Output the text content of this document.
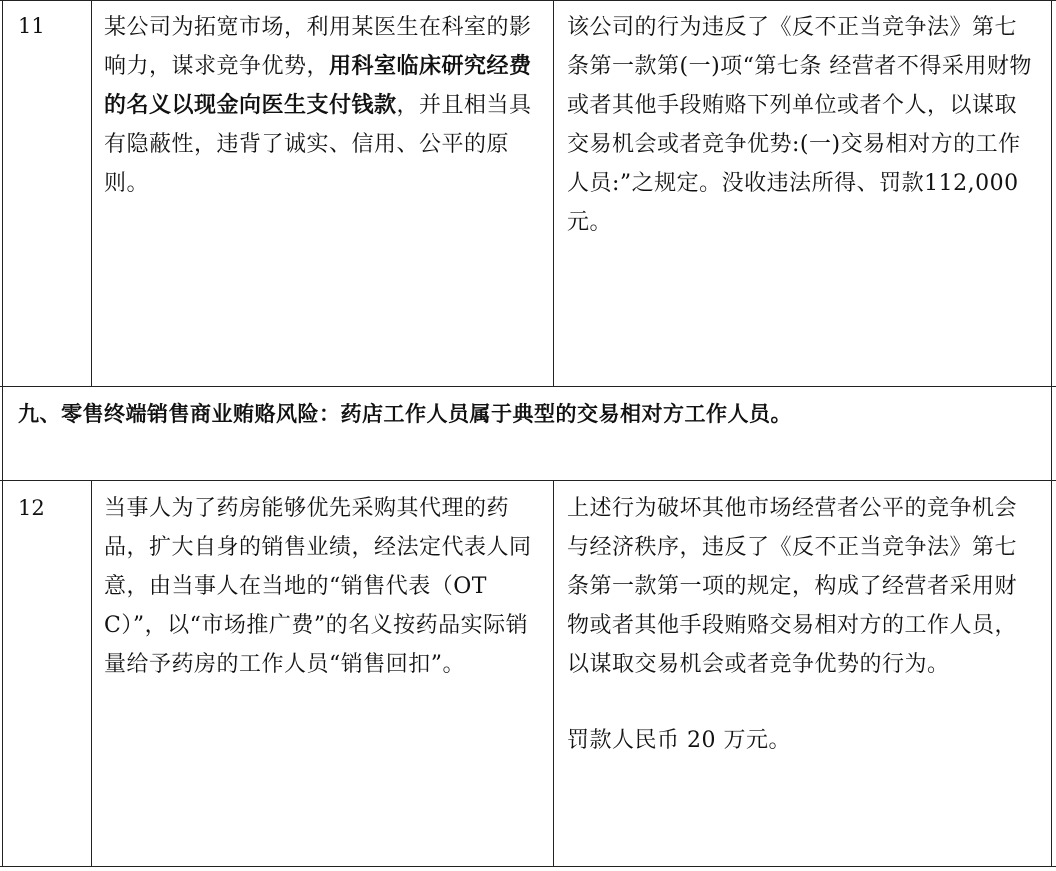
11	某公司为拓宽市场，利用某医生在科室的影响力，谋求竞争优势，用科室临床研究经费的名义以现金向医生支付钱款，并且相当具有隐蔽性，违背了诚实、信用、公平的原则。
该公司的行为违反了《反不正当竞争法》第七条第一款第(一)项“第七条 经营者不得采用财物或者其他手段贿赂下列单位或者个人，以谋取交易机会或者竞争优势:(一)交易相对方的工作人员:”之规定。没收违法所得、罚款112,000元。
九、零售终端销售商业贿赂风险：药店工作人员属于典型的交易相对方工作人员。
12	当事人为了药房能够优先采购其代理的药品，扩大自身的销售业绩，经法定代表人同意，由当事人在当地的“销售代表（OTC）”，以“市场推广费”的名义按药品实际销量给予药房的工作人员“销售回扣”。
上述行为破坏其他市场经营者公平的竞争机会与经济秩序，违反了《反不正当竞争法》第七条第一款第一项的规定，构成了经营者采用财物或者其他手段贿赂交易相对方的工作人员，以谋取交易机会或者竞争优势的行为。
罚款人民币 20 万元。
